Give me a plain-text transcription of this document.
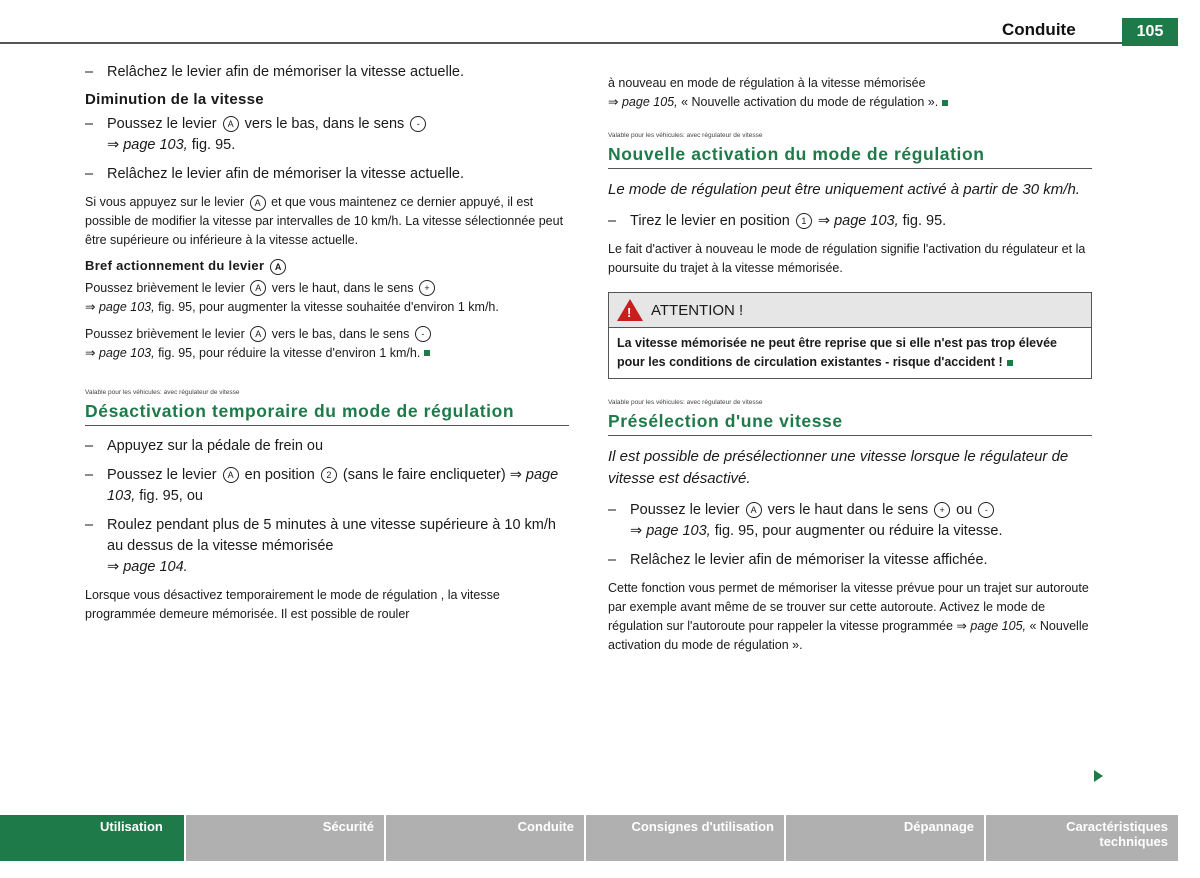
Conduite	105
– Relâchez le levier afin de mémoriser la vitesse actuelle.
Diminution de la vitesse
– Poussez le levier A vers le bas, dans le sens -
⇒ page 103, fig. 95.
– Relâchez le levier afin de mémoriser la vitesse actuelle.

Si vous appuyez sur le levier A et que vous maintenez ce dernier appuyé, il est possible de modifier la vitesse par intervalles de 10 km/h. La vitesse sélectionnée peut être supérieure ou inférieure à la vitesse actuelle.

Bref actionnement du levier A

Poussez brièvement le levier A vers le haut, dans le sens +
⇒ page 103, fig. 95, pour augmenter la vitesse souhaitée d'environ 1 km/h.

Poussez brièvement le levier A vers le bas, dans le sens -
⇒ page 103, fig. 95, pour réduire la vitesse d'environ 1 km/h.

Valable pour les véhicules: avec régulateur de vitesse
Désactivation temporaire du mode de régulation
– Appuyez sur la pédale de frein ou
– Poussez le levier A en position 2 (sans le faire encliqueter) ⇒ page 103, fig. 95, ou
– Roulez pendant plus de 5 minutes à une vitesse supérieure à 10 km/h au dessus de la vitesse mémorisée
⇒ page 104.

Lorsque vous désactivez temporairement le mode de régulation , la vitesse programmée demeure mémorisée. Il est possible de rouler

à nouveau en mode de régulation à la vitesse mémorisée
⇒ page 105, « Nouvelle activation du mode de régulation ».

Valable pour les véhicules: avec régulateur de vitesse
Nouvelle activation du mode de régulation
Le mode de régulation peut être uniquement activé à partir de 30 km/h.
– Tirez le levier en position 1 ⇒ page 103, fig. 95.

Le fait d'activer à nouveau le mode de régulation signifie l'activation du régulateur et la poursuite du trajet à la vitesse mémorisée.

! ATTENTION !
La vitesse mémorisée ne peut être reprise que si elle n'est pas trop élevée pour les conditions de circulation existantes - risque d'accident !
Valable pour les véhicules: avec régulateur de vitesse
Présélection d'une vitesse
Il est possible de présélectionner une vitesse lorsque le régulateur de vitesse est désactivé.
– Poussez le levier A vers le haut dans le sens + ou -
⇒ page 103, fig. 95, pour augmenter ou réduire la vitesse.
– Relâchez le levier afin de mémoriser la vitesse affichée.

Cette fonction vous permet de mémoriser la vitesse prévue pour un trajet sur autoroute par exemple avant même de se trouver sur cette autoroute. Activez le mode de régulation sur l'autoroute pour rappeler la vitesse programmée ⇒ page 105, « Nouvelle activation du mode de régulation ».

Utilisation	Sécurité	Conduite	Consignes d'utilisation	Dépannage	Caractéristiques techniques
